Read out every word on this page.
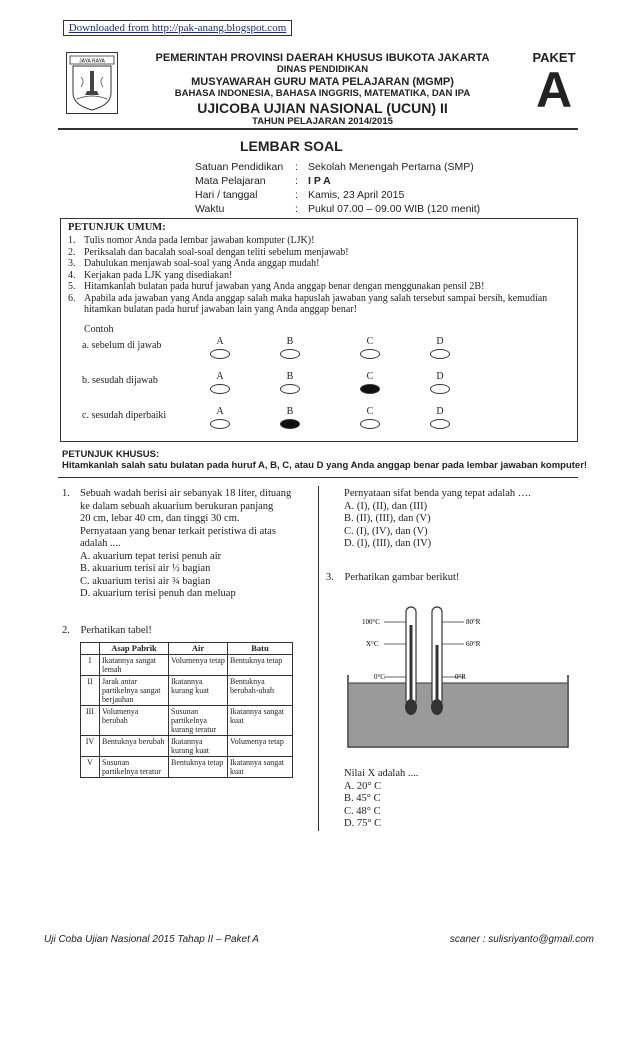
Downloaded from http://pak-anang.blogspot.com
JAYA RAYA	PEMERINTAH PROVINSI DAERAH KHUSUS IBUKOTA JAKARTA
DINAS PENDIDIKAN
MUSYAWARAH GURU MATA PELAJARAN (MGMP)
BAHASA INDONESIA, BAHASA INGGRIS, MATEMATIKA, DAN IPA
UJICOBA UJIAN NASIONAL (UCUN) II
TAHUN PELAJARAN 2014/2015
PAKET
A
LEMBAR SOAL
Satuan Pendidikan	: Sekolah Menengah Pertama (SMP)
Mata Pelajaran	: I P A
Hari / tanggal	: Kamis, 23 April 2015
Waktu	: Pukul 07.00 – 09.00 WIB (120 menit)
PETUNJUK UMUM:
1. Tulis nomor Anda pada lembar jawaban komputer (LJK)!
2. Periksalah dan bacalah soal-soal dengan teliti sebelum menjawab!
3. Dahulukan menjawab soal-soal yang Anda anggap mudah!
4. Kerjakan pada LJK yang disediakan!
5. Hitamkanlah bulatan pada huruf jawaban yang Anda anggap benar dengan menggunakan pensil 2B!
6. Apabila ada jawaban yang Anda anggap salah maka hapuslah jawaban yang salah tersebut sampai bersih, kemudian hitamkan bulatan pada huruf jawaban lain yang Anda anggap benar!
Contoh
a. sebelum di jawab	A	B	C	D
b. sesudah dijawab	A	B	C	D
c. sesudah diperbaiki	A	B	C	D
PETUNJUK KHUSUS:
Hitamkanlah salah satu bulatan pada huruf A, B, C, atau D yang Anda anggap benar pada lembar jawaban komputer!
1. Sebuah wadah berisi air sebanyak 18 liter, dituang
ke dalam sebuah akuarium berukuran panjang
20 cm, lebar 40 cm, dan tinggi 30 cm.
Pernyataan yang benar terkait peristiwa di atas
adalah ....
A. akuarium tepat terisi penuh air
B. akuarium terisi air ½ bagian
C. akuarium terisi air ¾ bagian
D. akuarium terisi penuh dan meluap
2. Perhatikan tabel!
	Asap Pabrik	Air	Batu
I	Ikatannya sangat lemah	Volumenya tetap	Bentuknya tetap
II	Jarak antar partikelnya sangat berjauhan	Ikatannya kurang kuat	Bentuknya berubah-ubah
III	Volumenya berubah	Susunan partikelnya kurang teratur	Ikatannya sangat kuat
IV	Bentuknya berubah	Ikatannya kurang kuat	Volumenya tetap
V	Susunan partikelnya teratur	Bentuknya tetap	Ikatannya sangat kuat
Pernyataan sifat benda yang tepat adalah ….
A. (I), (II), dan (III)
B. (II), (III), dan (V)
C. (I), (IV), dan (V)
D. (I), (III), dan (IV)
3. Perhatikan gambar berikut!
100°C
X°C
0°C
80°R
60°R
0°R
Nilai X adalah ....
A. 20° C
B. 45° C
C. 48° C
D. 75° C
Uji Coba Ujian Nasional 2015 Tahap II – Paket A	scaner : sulisriyanto@gmail.com
